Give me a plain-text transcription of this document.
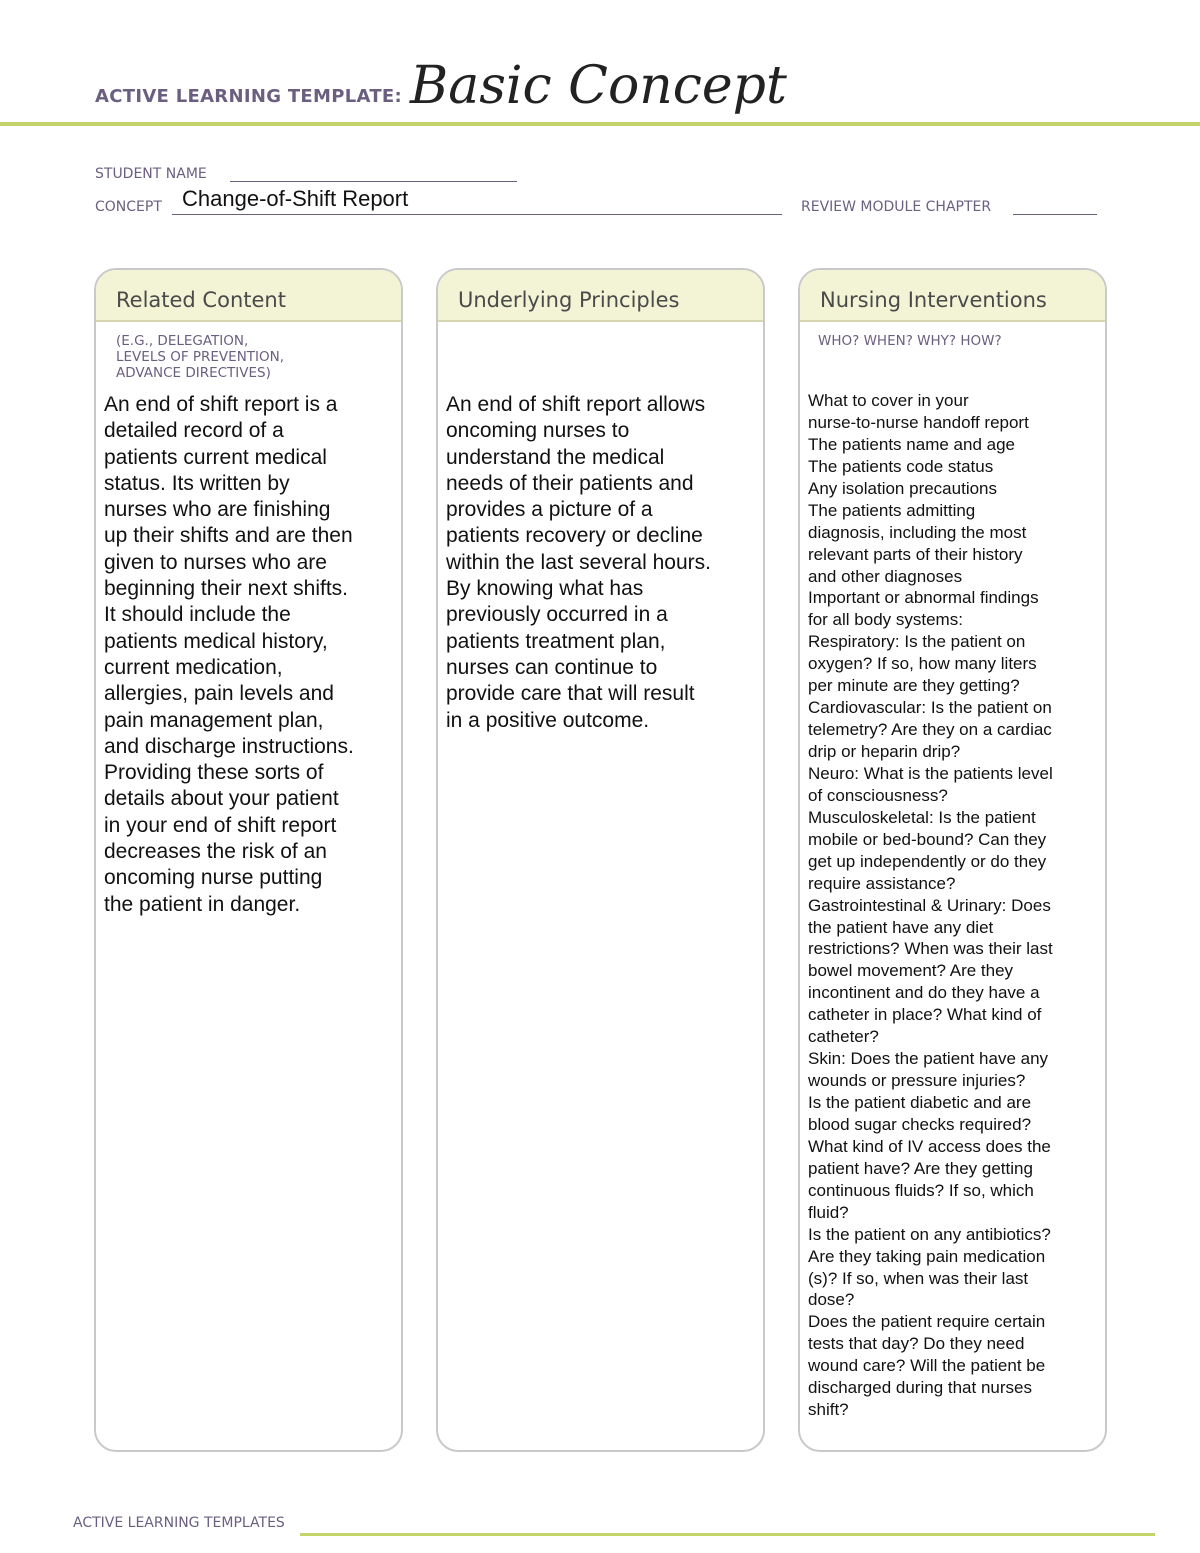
ACTIVE LEARNING TEMPLATE: Basic Concept
STUDENT NAME
CONCEPT Change-of-Shift Report	REVIEW MODULE CHAPTER
Related Content
(E.G., DELEGATION,
LEVELS OF PREVENTION,
ADVANCE DIRECTIVES)
An end of shift report is a
detailed record of a
patients current medical
status. Its written by
nurses who are finishing
up their shifts and are then
given to nurses who are
beginning their next shifts.
It should include the
patients medical history,
current medication,
allergies, pain levels and
pain management plan,
and discharge instructions.
Providing these sorts of
details about your patient
in your end of shift report
decreases the risk of an
oncoming nurse putting
the patient in danger.
Underlying Principles
An end of shift report allows
oncoming nurses to
understand the medical
needs of their patients and
provides a picture of a
patients recovery or decline
within the last several hours.
By knowing what has
previously occurred in a
patients treatment plan,
nurses can continue to
provide care that will result
in a positive outcome.
Nursing Interventions
WHO? WHEN? WHY? HOW?
What to cover in your
nurse-to-nurse handoff report
The patients name and age
The patients code status
Any isolation precautions
The patients admitting
diagnosis, including the most
relevant parts of their history
and other diagnoses
Important or abnormal findings
for all body systems:
Respiratory: Is the patient on
oxygen? If so, how many liters
per minute are they getting?
Cardiovascular: Is the patient on
telemetry? Are they on a cardiac
drip or heparin drip?
Neuro: What is the patients level
of consciousness?
Musculoskeletal: Is the patient
mobile or bed-bound? Can they
get up independently or do they
require assistance?
Gastrointestinal & Urinary: Does
the patient have any diet
restrictions? When was their last
bowel movement? Are they
incontinent and do they have a
catheter in place? What kind of
catheter?
Skin: Does the patient have any
wounds or pressure injuries?
Is the patient diabetic and are
blood sugar checks required?
What kind of IV access does the
patient have? Are they getting
continuous fluids? If so, which
fluid?
Is the patient on any antibiotics?
Are they taking pain medication
(s)? If so, when was their last
dose?
Does the patient require certain
tests that day? Do they need
wound care? Will the patient be
discharged during that nurses
shift?
ACTIVE LEARNING TEMPLATES
